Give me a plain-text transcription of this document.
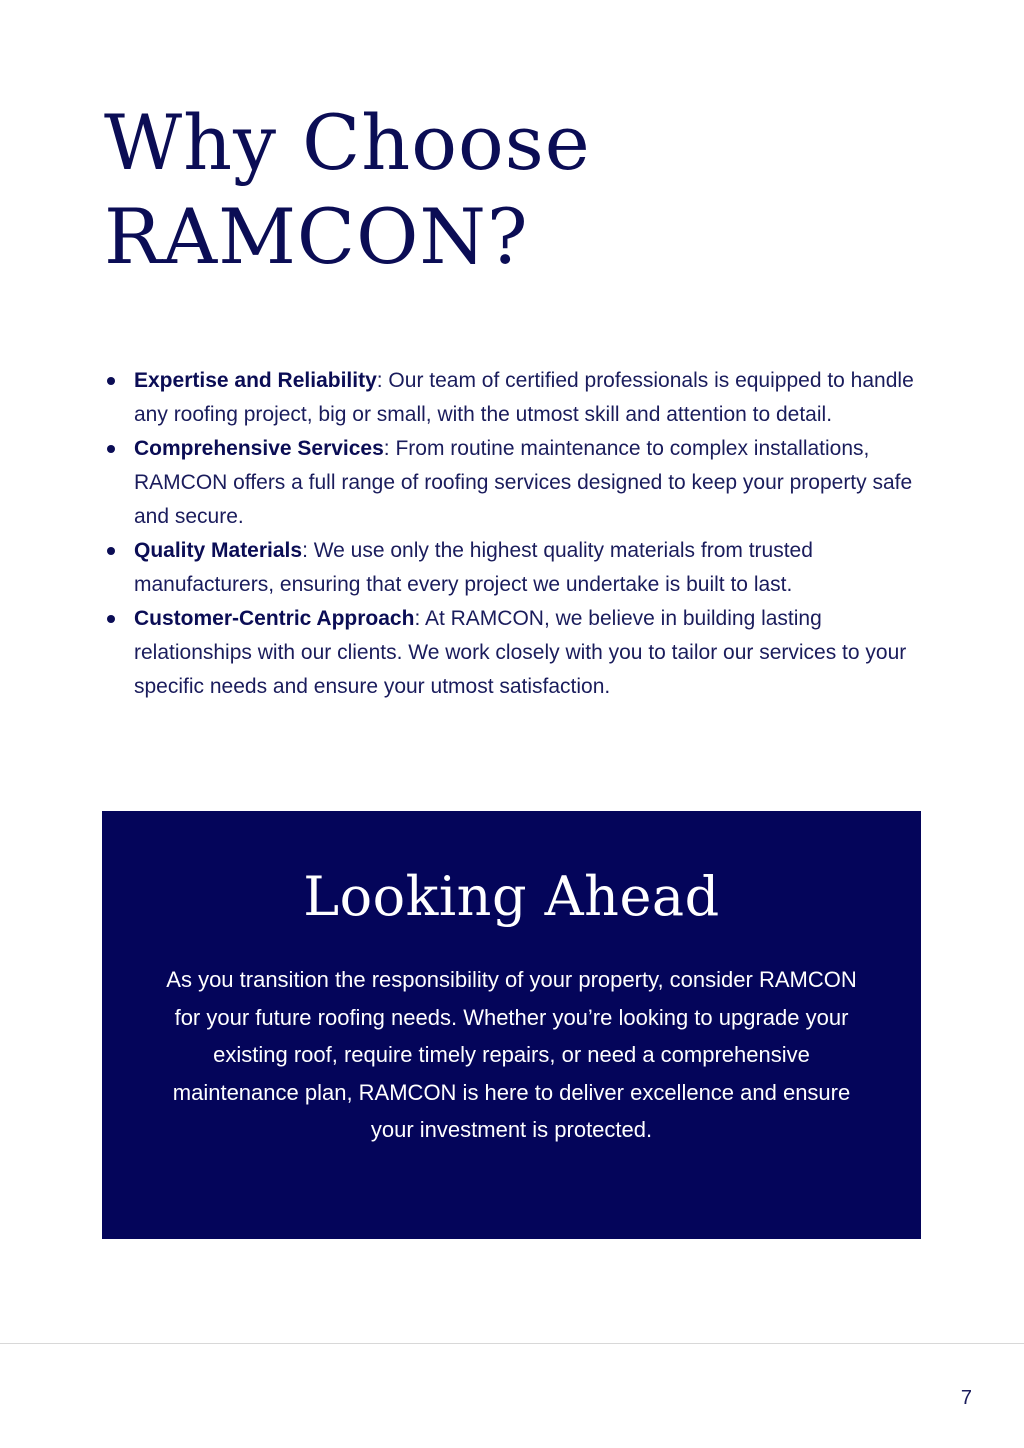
Why Choose
RAMCON?
Expertise and Reliability: Our team of certified professionals is equipped to handle any roofing project, big or small, with the utmost skill and attention to detail.
Comprehensive Services: From routine maintenance to complex installations, RAMCON offers a full range of roofing services designed to keep your property safe and secure.
Quality Materials: We use only the highest quality materials from trusted manufacturers, ensuring that every project we undertake is built to last.
Customer-Centric Approach: At RAMCON, we believe in building lasting relationships with our clients. We work closely with you to tailor our services to your specific needs and ensure your utmost satisfaction.
Looking Ahead

As you transition the responsibility of your property, consider RAMCON for your future roofing needs. Whether you’re looking to upgrade your existing roof, require timely repairs, or need a comprehensive maintenance plan, RAMCON is here to deliver excellence and ensure your investment is protected.

7
